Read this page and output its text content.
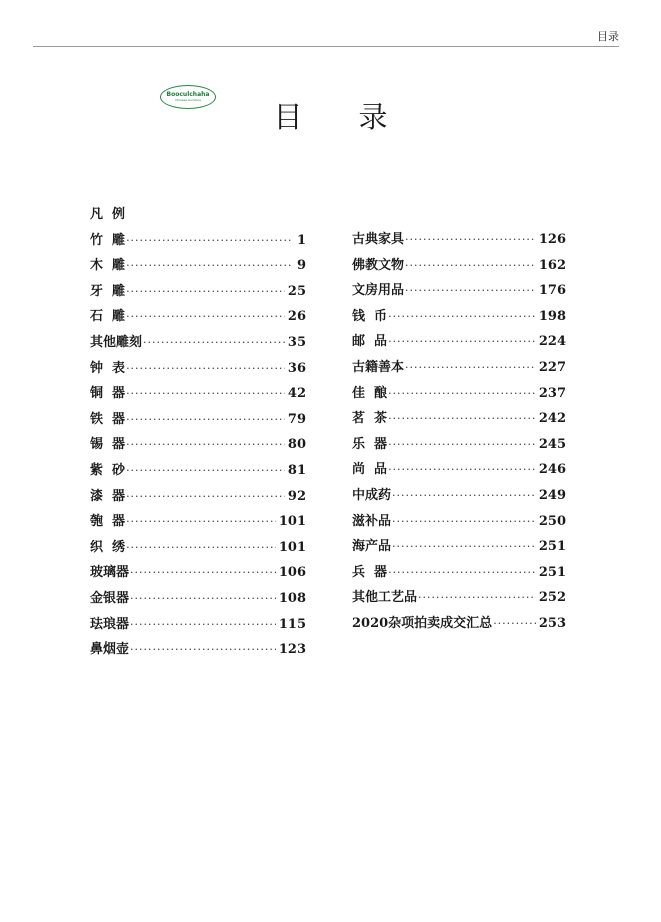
目录
Booculchaha
Chinese Auctions	目录
凡  例
竹  雕 ·····	1
木  雕 ·····	9
牙  雕 ·····	25
石  雕 ·····	26
其他雕刻 ·····	35
钟  表 ·····	36
铜  器 ·····	42
铁  器 ·····	79
锡  器 ·····	80
紫  砂 ·····	81
漆  器 ·····	92
匏  器 ·····	101
织  绣 ·····	101
玻璃器 ·····	106
金银器 ·····	108
珐琅器 ·····	115
鼻烟壶 ·····	123
古典家具 ·····	126
佛教文物 ·····	162
文房用品 ·····	176
钱  币 ·····	198
邮  品 ·····	224
古籍善本 ·····	227
佳  酿 ·····	237
茗  茶 ·····	242
乐  器 ·····	245
尚  品 ·····	246
中成药 ·····	249
滋补品 ·····	250
海产品 ·····	251
兵  器 ·····	251
其他工艺品 ·····	252
2020杂项拍卖成交汇总 ·····	253
